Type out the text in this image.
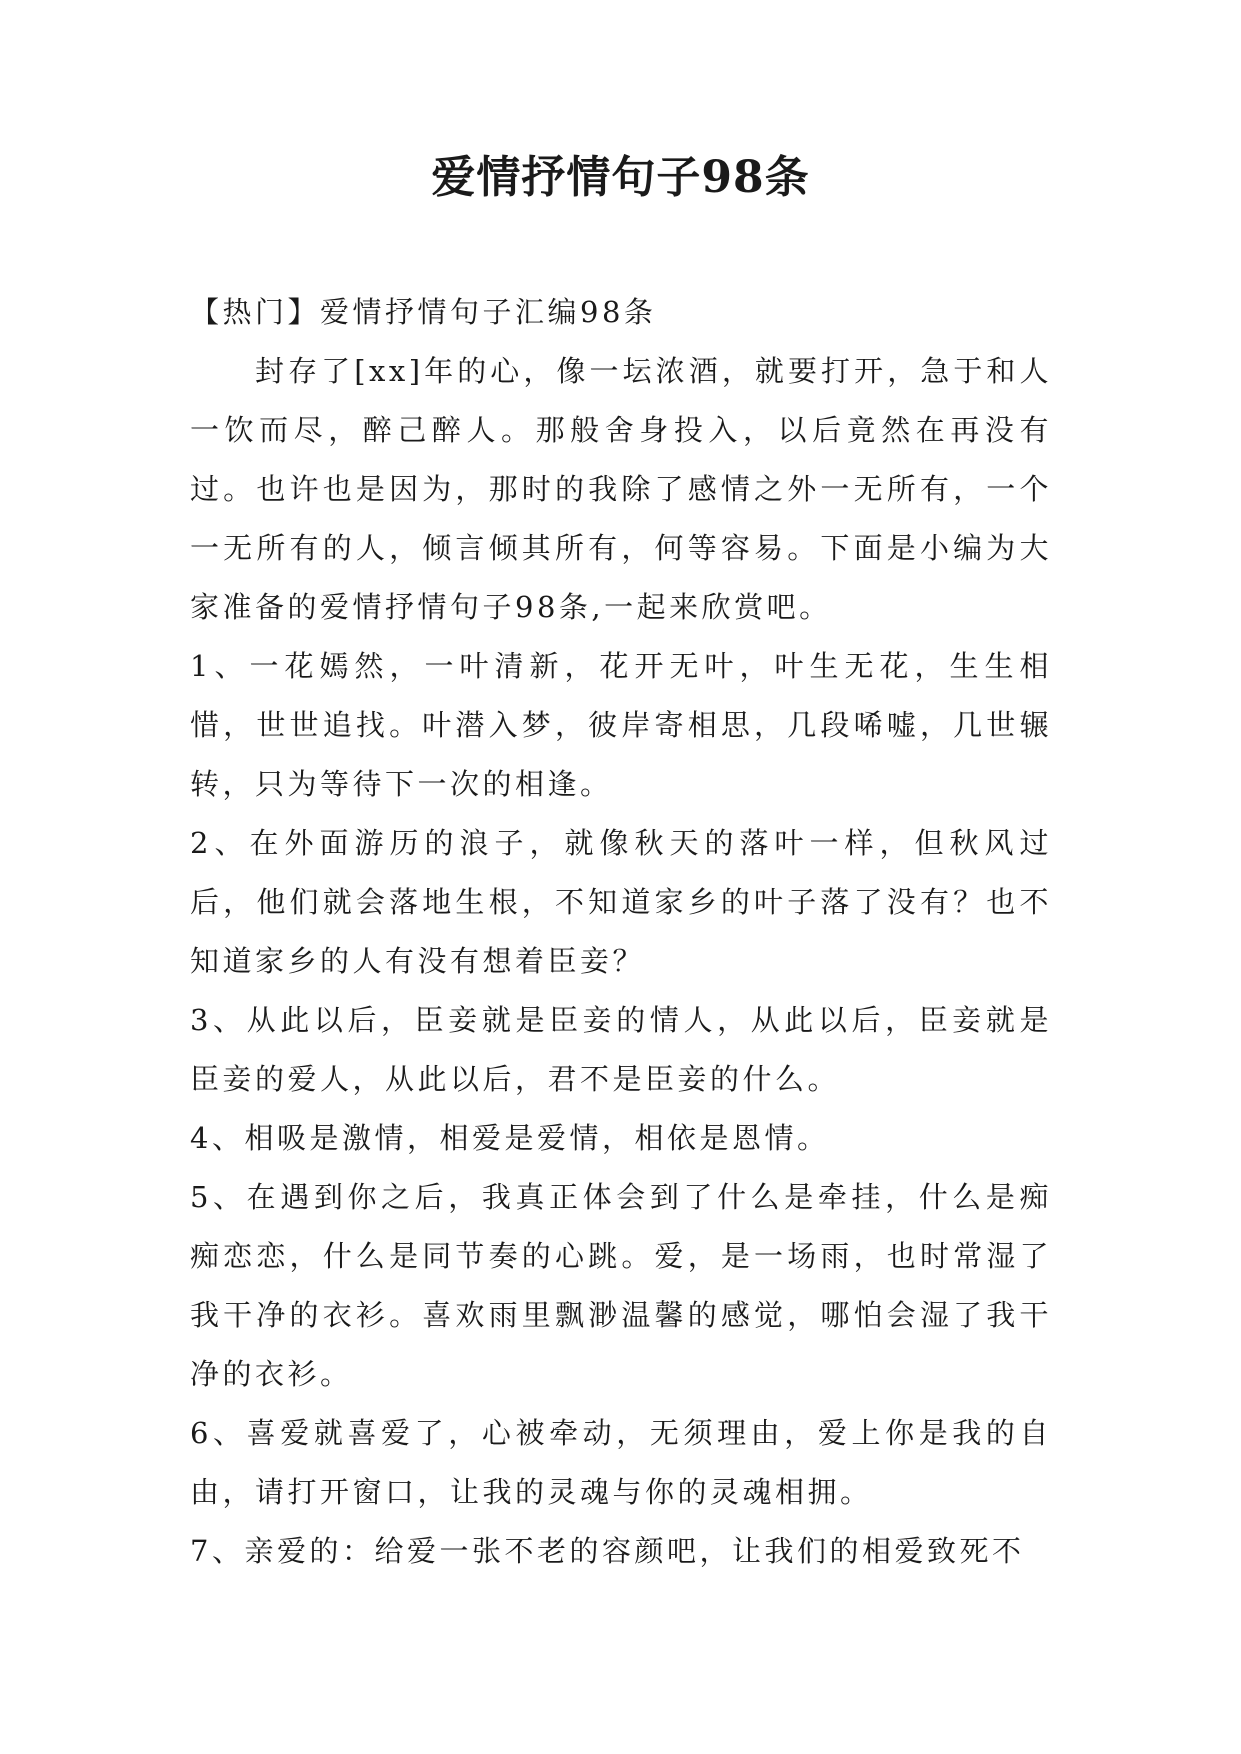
爱情抒情句子98条

【热门】爱情抒情句子汇编98条

封存了[xx]年的心，像一坛浓酒，就要打开，急于和人一饮而尽，醉己醉人。那般舍身投入，以后竟然在再没有过。也许也是因为，那时的我除了感情之外一无所有，一个一无所有的人，倾言倾其所有，何等容易。下面是小编为大家准备的爱情抒情句子98条,一起来欣赏吧。

1、一花嫣然，一叶清新，花开无叶，叶生无花，生生相惜，世世追找。叶潜入梦，彼岸寄相思，几段唏嘘，几世辗转，只为等待下一次的相逢。

2、在外面游历的浪子，就像秋天的落叶一样，但秋风过后，他们就会落地生根，不知道家乡的叶子落了没有？也不知道家乡的人有没有想着臣妾？

3、从此以后，臣妾就是臣妾的情人，从此以后，臣妾就是臣妾的爱人，从此以后，君不是臣妾的什么。

4、相吸是激情，相爱是爱情，相依是恩情。

5、在遇到你之后，我真正体会到了什么是牵挂，什么是痴痴恋恋，什么是同节奏的心跳。爱，是一场雨，也时常湿了我干净的衣衫。喜欢雨里飘渺温馨的感觉，哪怕会湿了我干净的衣衫。

6、喜爱就喜爱了，心被牵动，无须理由，爱上你是我的自由，请打开窗口，让我的灵魂与你的灵魂相拥。

7、亲爱的：给爱一张不老的容颜吧，让我们的相爱致死不
